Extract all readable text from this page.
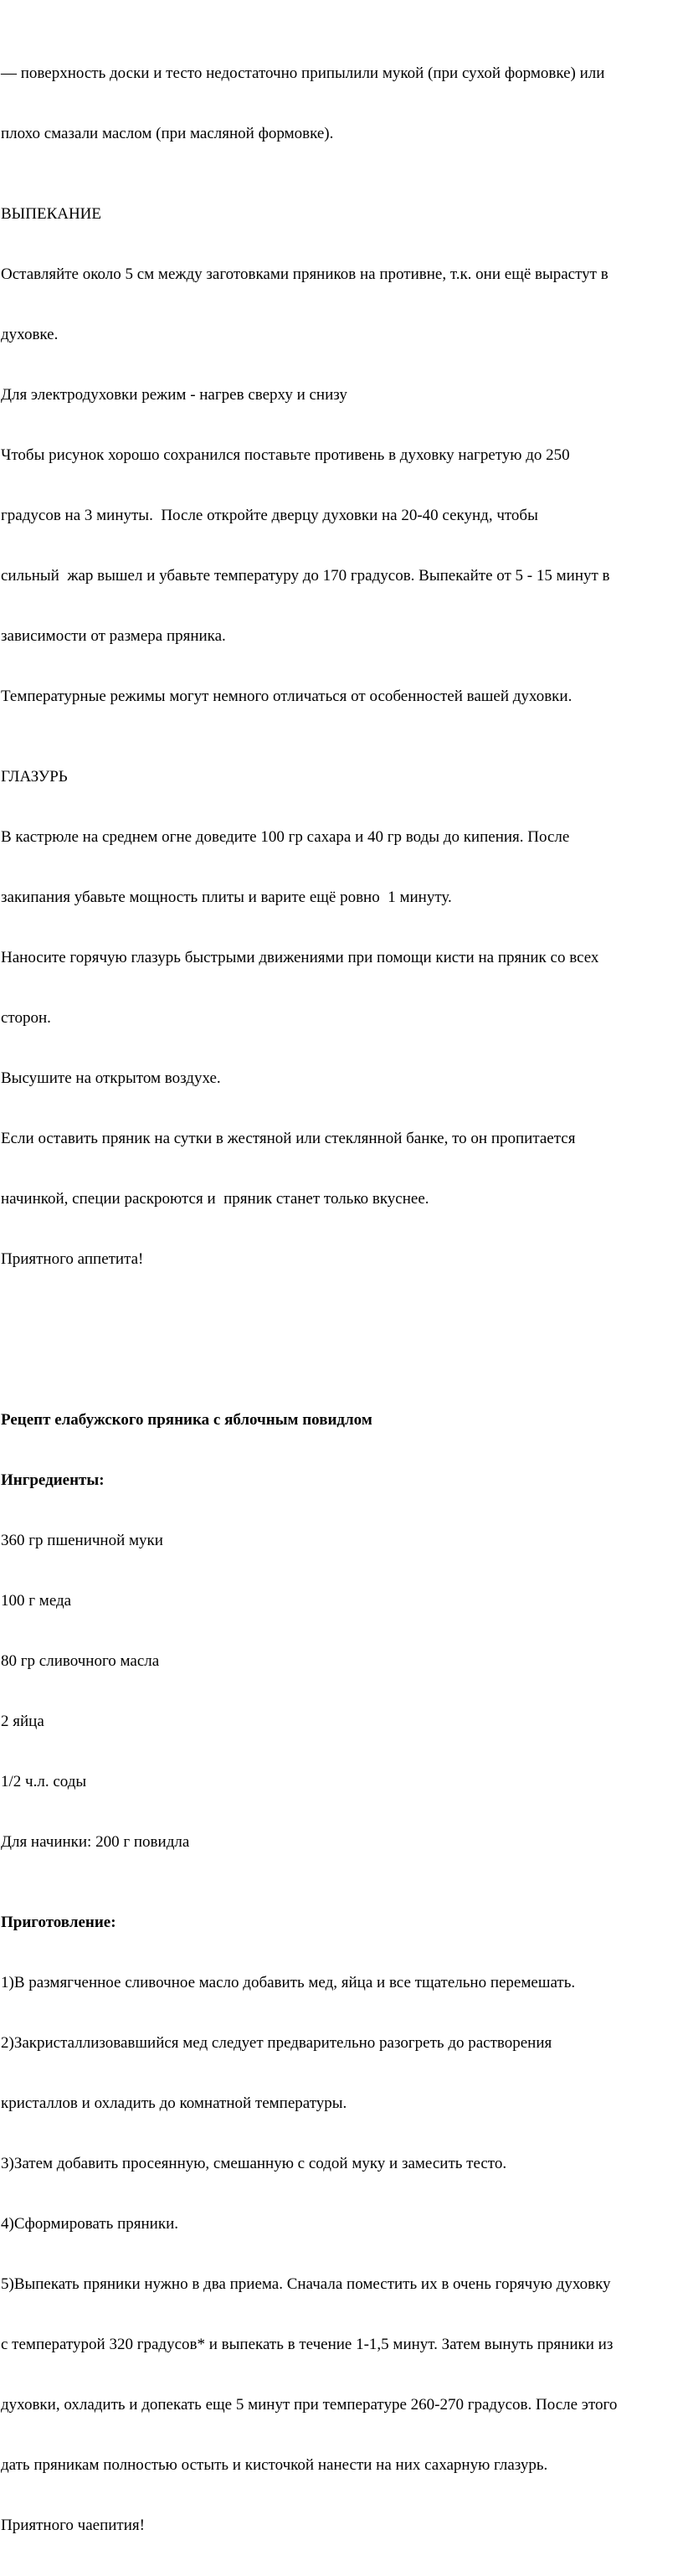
— поверхность доски и тесто недостаточно припылили мукой (при сухой формовке) или

плохо смазали маслом (при масляной формовке).

ВЫПЕКАНИЕ

Оставляйте около 5 см между заготовками пряников на противне, т.к. они ещё вырастут в

духовке.

Для электродуховки режим - нагрев сверху и снизу

Чтобы рисунок хорошо сохранился поставьте противень в духовку нагретую до 250

градусов на 3 минуты.  После откройте дверцу духовки на 20-40 секунд, чтобы

сильный  жар вышел и убавьте температуру до 170 градусов. Выпекайте от 5 - 15 минут в

зависимости от размера пряника.

Температурные режимы могут немного отличаться от особенностей вашей духовки.

ГЛАЗУРЬ

В кастрюле на среднем огне доведите 100 гр сахара и 40 гр воды до кипения. После

закипания убавьте мощность плиты и варите ещё ровно  1 минуту.

Наносите горячую глазурь быстрыми движениями при помощи кисти на пряник со всех

сторон.

Высушите на открытом воздухе.

Если оставить пряник на сутки в жестяной или стеклянной банке, то он пропитается

начинкой, специи раскроются и  пряник станет только вкуснее.

Приятного аппетита!

Рецепт елабужского пряника с яблочным повидлом

Ингредиенты:

360 гр пшеничной муки

100 г меда

80 гр сливочного масла

2 яйца

1/2 ч.л. соды

Для начинки: 200 г повидла

Приготовление:

1)В размягченное сливочное масло добавить мед, яйца и все тщательно перемешать.

2)Закристаллизовавшийся мед следует предварительно разогреть до растворения

кристаллов и охладить до комнатной температуры.

3)Затем добавить просеянную, смешанную с содой муку и замесить тесто.

4)Сформировать пряники.

5)Выпекать пряники нужно в два приема. Сначала поместить их в очень горячую духовку

с температурой 320 градусов* и выпекать в течение 1-1,5 минут. Затем вынуть пряники из

духовки, охладить и допекать еще 5 минут при температуре 260-270 градусов. После этого

дать пряникам полностью остыть и кисточкой нанести на них сахарную глазурь.

Приятного чаепития!
